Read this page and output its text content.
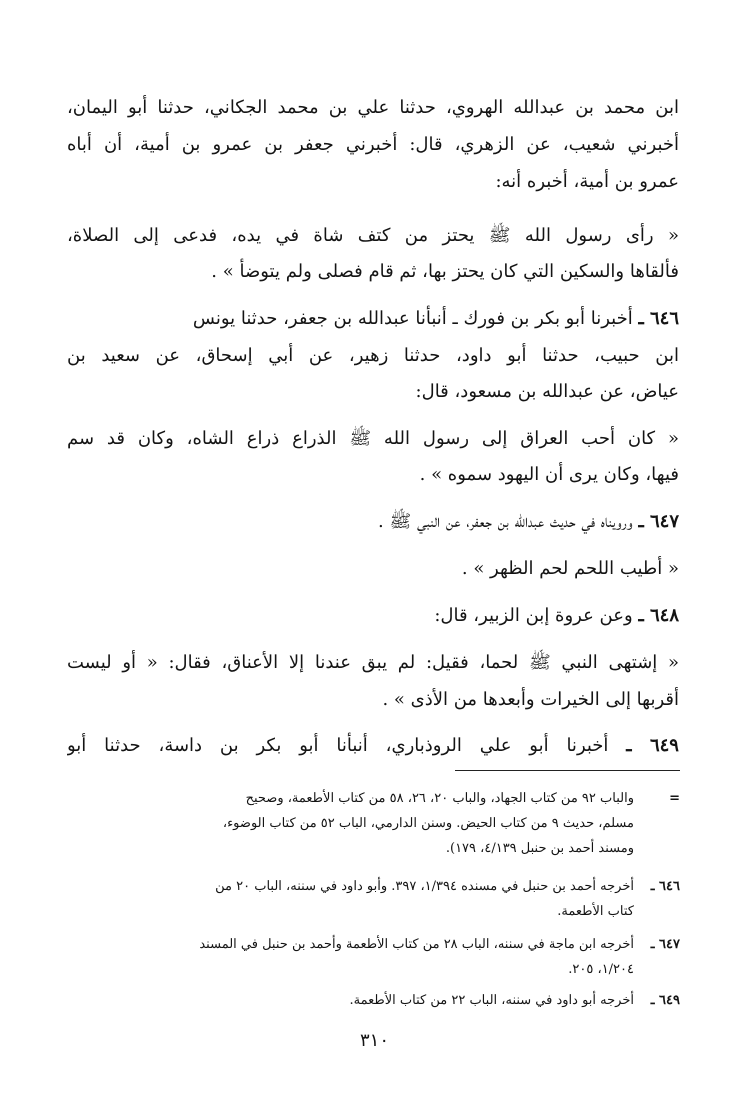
ابن محمد بن عبدالله الهروي، حدثنا علي بن محمد الجكاني، حدثنا أبو اليمان،
أخبرني شعيب، عن الزهري، قال: أخبرني جعفر بن عمرو بن أمية، أن أباه
عمرو بن أمية، أخبره أنه:
« رأى رسول الله ﷺ يحتز من كتف شاة في يده، فدعى إلى الصلاة،
فألقاها والسكين التي كان يحتز بها، ثم قام فصلى ولم يتوضأ » .
٦٤٦ ـ أخبرنا أبو بكر بن فورك ـ أنبأنا عبدالله بن جعفر، حدثنا يونس
ابن حبيب، حدثنا أبو داود، حدثنا زهير، عن أبي إسحاق، عن سعيد بن
عياض، عن عبدالله بن مسعود، قال:
« كان أحب العراق إلى رسول الله ﷺ الذراع ذراع الشاه، وكان قد سم
فيها، وكان يرى أن اليهود سموه » .
٦٤٧ ـ ورويناه في حديث عبدالله بن جعفر، عن النبي ﷺ .
« أطيب اللحم لحم الظهر » .
٦٤٨ ـ وعن عروة إبن الزبير، قال:
« إشتهى النبي ﷺ لحما، فقيل: لم يبق عندنا إلا الأعناق، فقال: « أو ليست
أقربها إلى الخيرات وأبعدها من الأذى » .
٦٤٩ ـ أخبرنا أبو علي الروذباري، أنبأنا أبو بكر بن داسة، حدثنا أبو
=
والباب ٩٢ من كتاب الجهاد، والباب ٢٠، ٢٦، ٥٨ من كتاب الأطعمة، وصحيح
مسلم، حديث ٩ من كتاب الحيض. وسنن الدارمي، الباب ٥٢ من كتاب الوضوء،
ومسند أحمد بن حنبل ٤/١٣٩، ١٧٩).
٦٤٦ ـ
أخرجه أحمد بن حنبل في مسنده ١/٣٩٤، ٣٩٧. وأبو داود في سننه، الباب ٢٠ من
كتاب الأطعمة.
٦٤٧ ـ
أخرجه ابن ماجة في سننه، الباب ٢٨ من كتاب الأطعمة وأحمد بن حنبل في المسند
١/٢٠٤، ٢٠٥.
٦٤٩ ـ
أخرجه أبو داود في سننه، الباب ٢٢ من كتاب الأطعمة.
٣١٠
